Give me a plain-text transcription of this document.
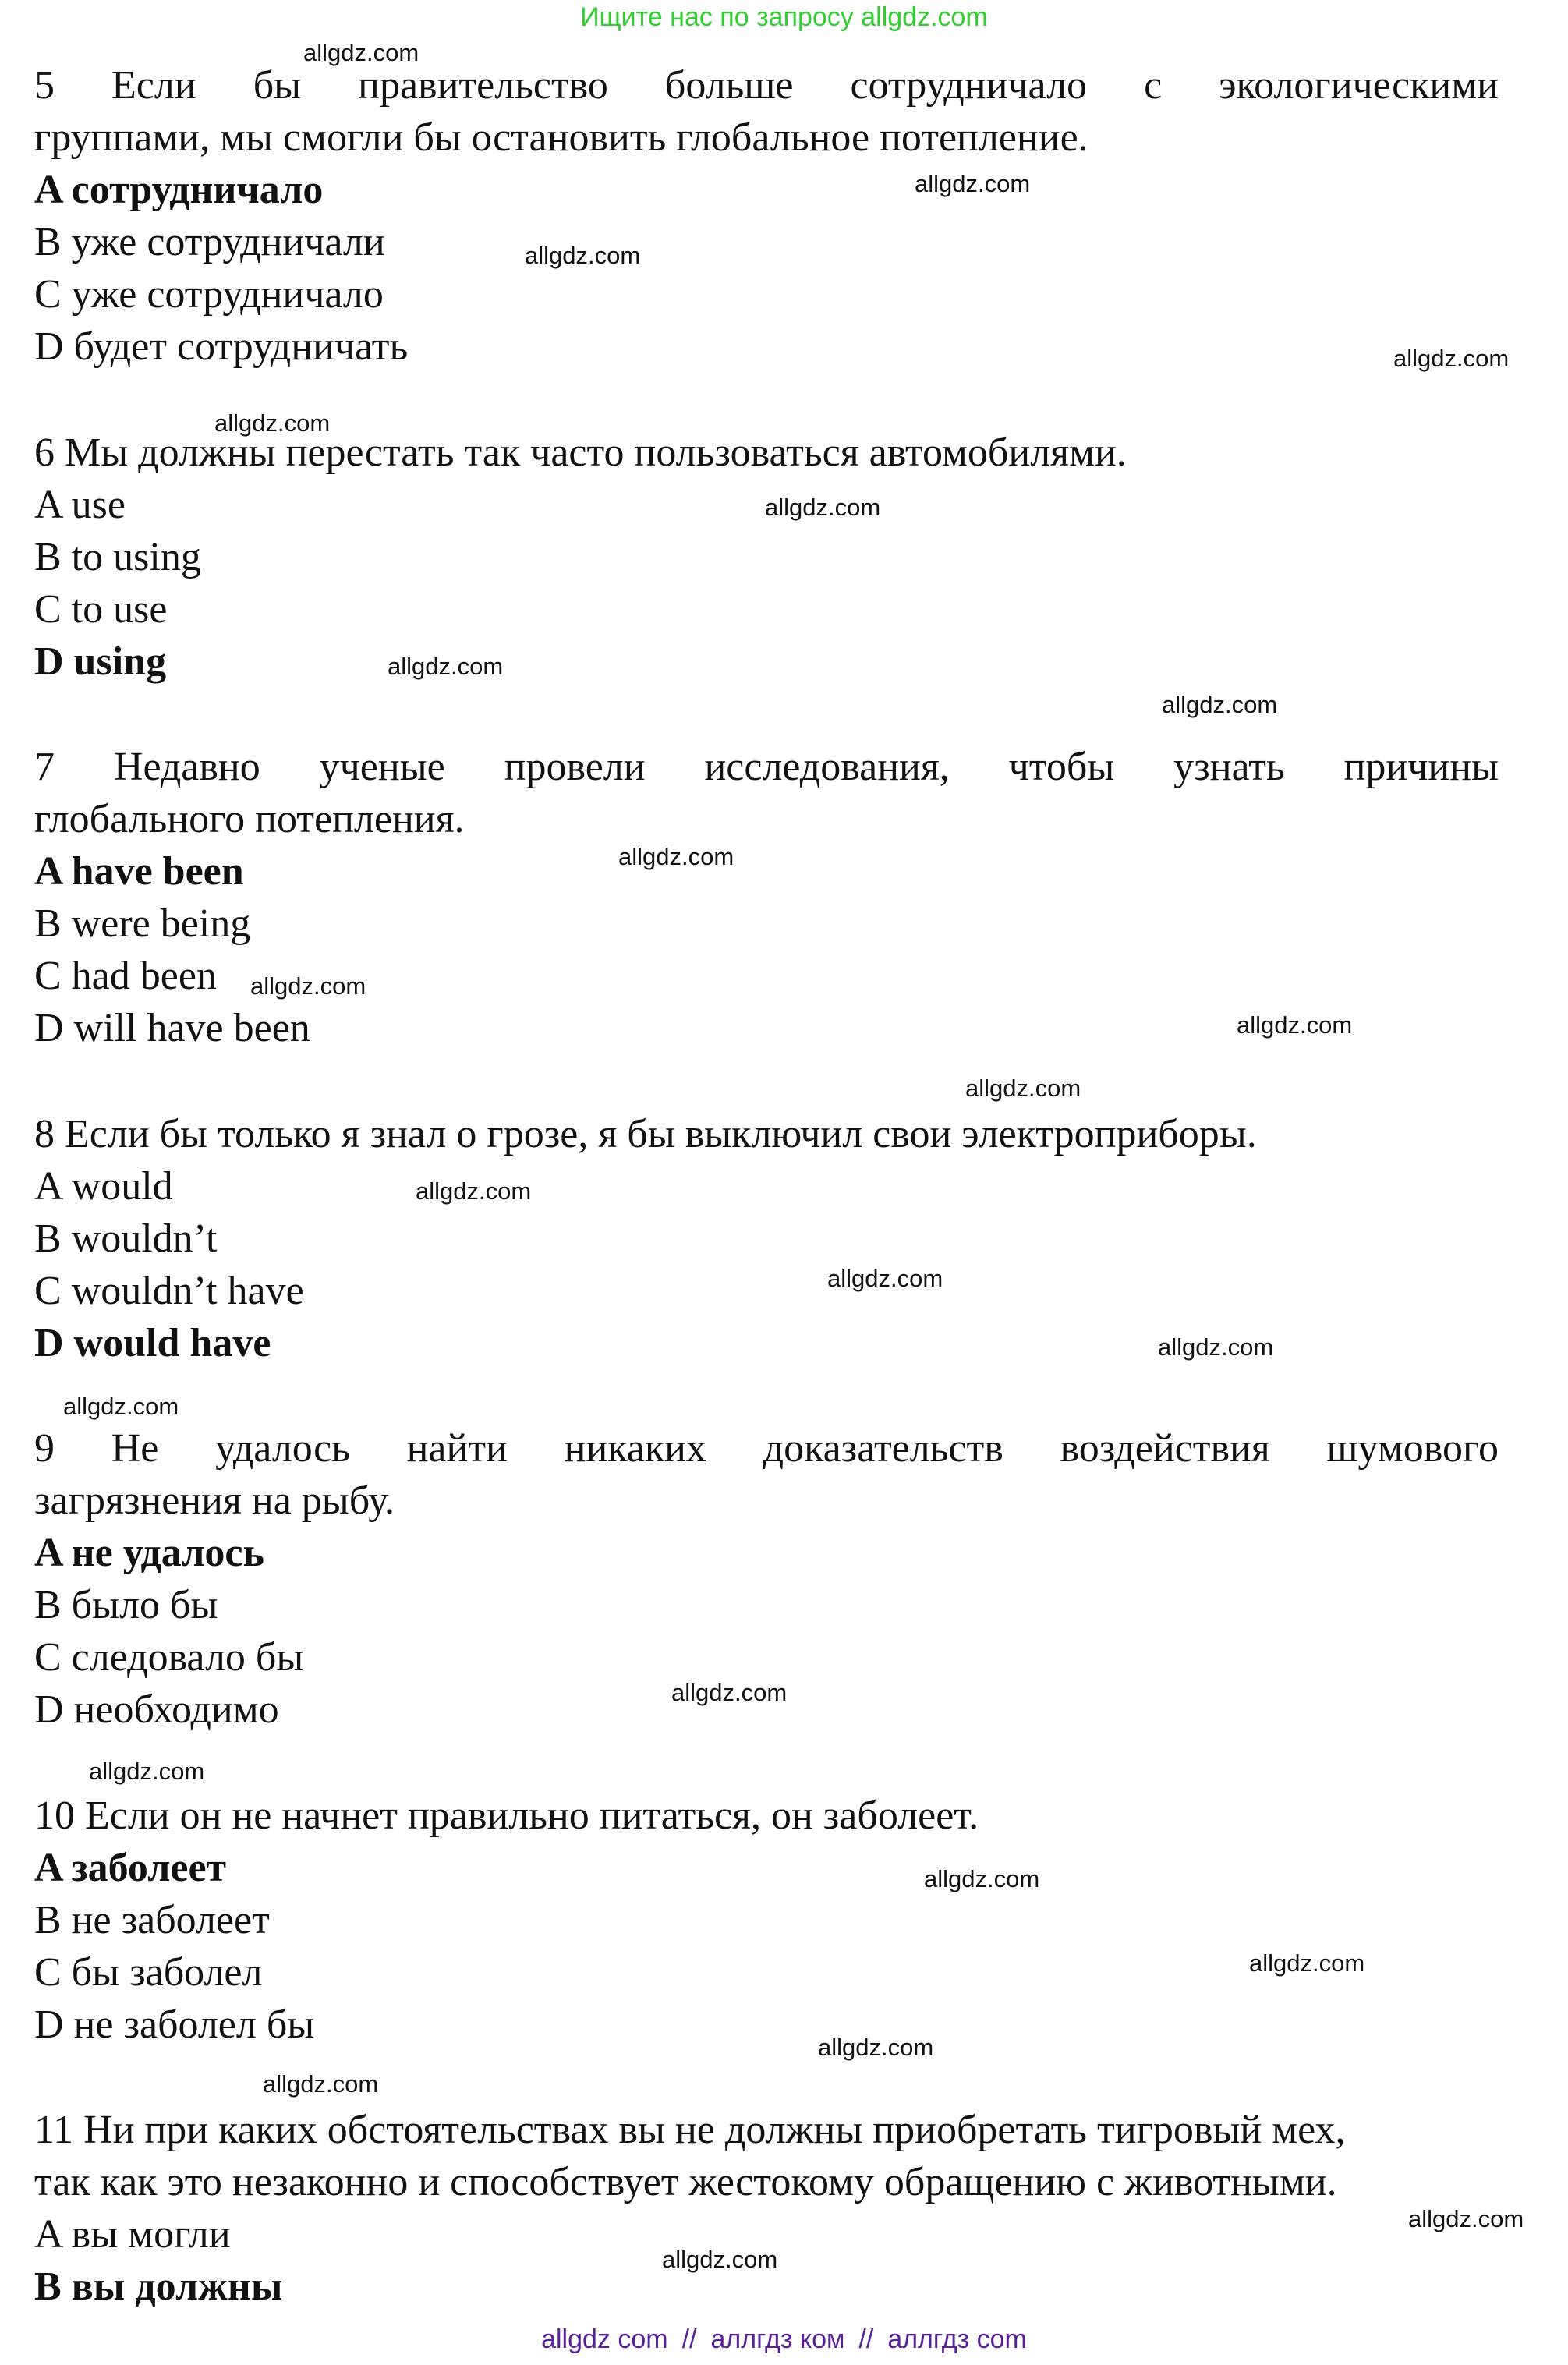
Ищите нас по запросу allgdz.com
5 Если бы правительство больше сотрудничало с экологическими
группами, мы смогли бы остановить глобальное потепление.
A сотрудничало
B уже сотрудничали
C уже сотрудничало
D будет сотрудничать
6 Мы должны перестать так часто пользоваться автомобилями.
A use
B to using
C to use
D using
7 Недавно ученые провели исследования, чтобы узнать причины
глобального потепления.
A have been
B were being
C had been
D will have been
8 Если бы только я знал о грозе, я бы выключил свои электроприборы.
A would
B wouldn’t
C wouldn’t have
D would have
9 Не удалось найти никаких доказательств воздействия шумового
загрязнения на рыбу.
A не удалось
B было бы
C следовало бы
D необходимо
10 Если он не начнет правильно питаться, он заболеет.
A заболеет
B не заболеет
C бы заболел
D не заболел бы
11 Ни при каких обстоятельствах вы не должны приобретать тигровый мех,
так как это незаконно и способствует жестокому обращению с животными.
A вы могли
B вы должны
allgdz.com
allgdz.com
allgdz.com
allgdz.com
allgdz.com
allgdz.com
allgdz.com
allgdz.com
allgdz.com
allgdz.com
allgdz.com
allgdz.com
allgdz.com
allgdz.com
allgdz.com
allgdz.com
allgdz.com
allgdz.com
allgdz.com
allgdz.com
allgdz.com
allgdz.com
allgdz.com
allgdz.com
allgdz com // аллгдз ком // аллгдз com
